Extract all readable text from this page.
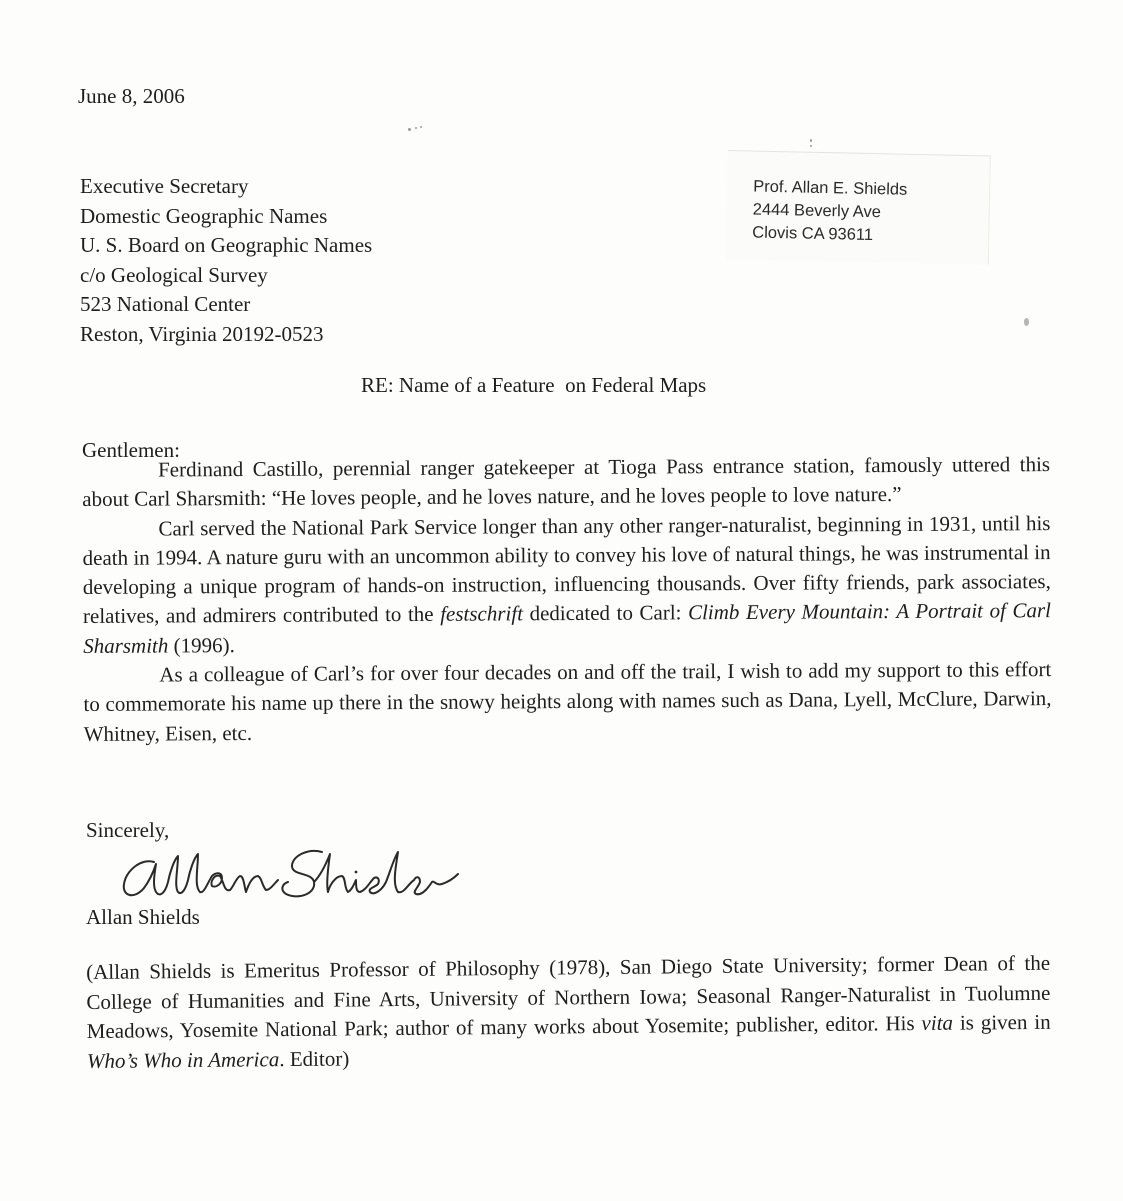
June 8, 2006
Executive Secretary
Domestic Geographic Names
U. S. Board on Geographic Names
c/o Geological Survey
523 National Center
Reston, Virginia 20192-0523
Prof. Allan E. Shields
2444 Beverly Ave
Clovis CA 93611
RE: Name of a Feature  on Federal Maps
Gentlemen:

Ferdinand Castillo, perennial ranger gatekeeper at Tioga Pass entrance station, famously uttered this about Carl Sharsmith: “He loves people, and he loves nature, and he loves people to love nature.”

Carl served the National Park Service longer than any other ranger-naturalist, beginning in 1931, until his death in 1994. A nature guru with an uncommon ability to convey his love of natural things, he was instrumental in developing a unique program of hands-on instruction, influencing thousands. Over fifty friends, park associates, relatives, and admirers contributed to the festschrift dedicated to Carl: Climb Every Mountain: A Portrait of Carl Sharsmith (1996).

As a colleague of Carl’s for over four decades on and off the trail, I wish to add my support to this effort to commemorate his name up there in the snowy heights along with names such as Dana, Lyell, McClure, Darwin, Whitney, Eisen, etc.

Sincerely,
Allan Shields
(Allan Shields is Emeritus Professor of Philosophy (1978), San Diego State University; former Dean of the College of Humanities and Fine Arts, University of Northern Iowa; Seasonal Ranger-Naturalist in Tuolumne Meadows, Yosemite National Park; author of many works about Yosemite; publisher, editor. His vita is given in Who’s Who in America. Editor)
